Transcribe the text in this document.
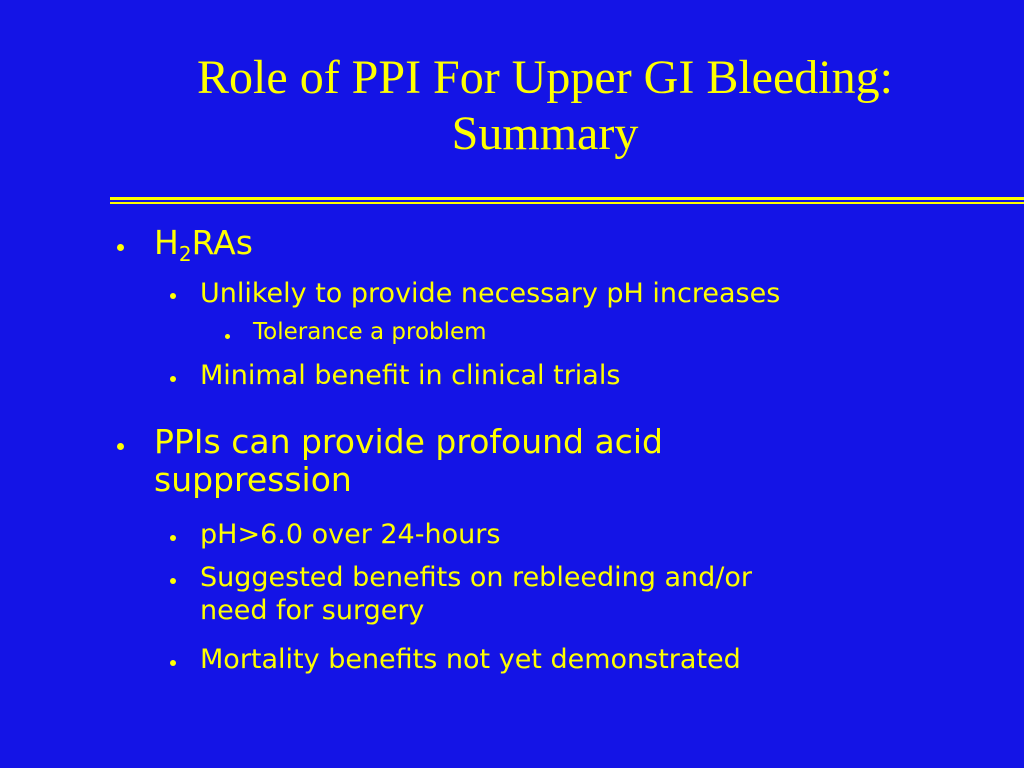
Role of PPI For Upper GI Bleeding:
Summary
$H_2RAs$
Unlikely to provide necessary pH increases
Tolerance a problem
Minimal benefit in clinical trials
PPIs can provide profound acid
suppression
pH>6.0 over 24-hours
Suggested benefits on rebleeding and/or
need for surgery
Mortality benefits not yet demonstrated
